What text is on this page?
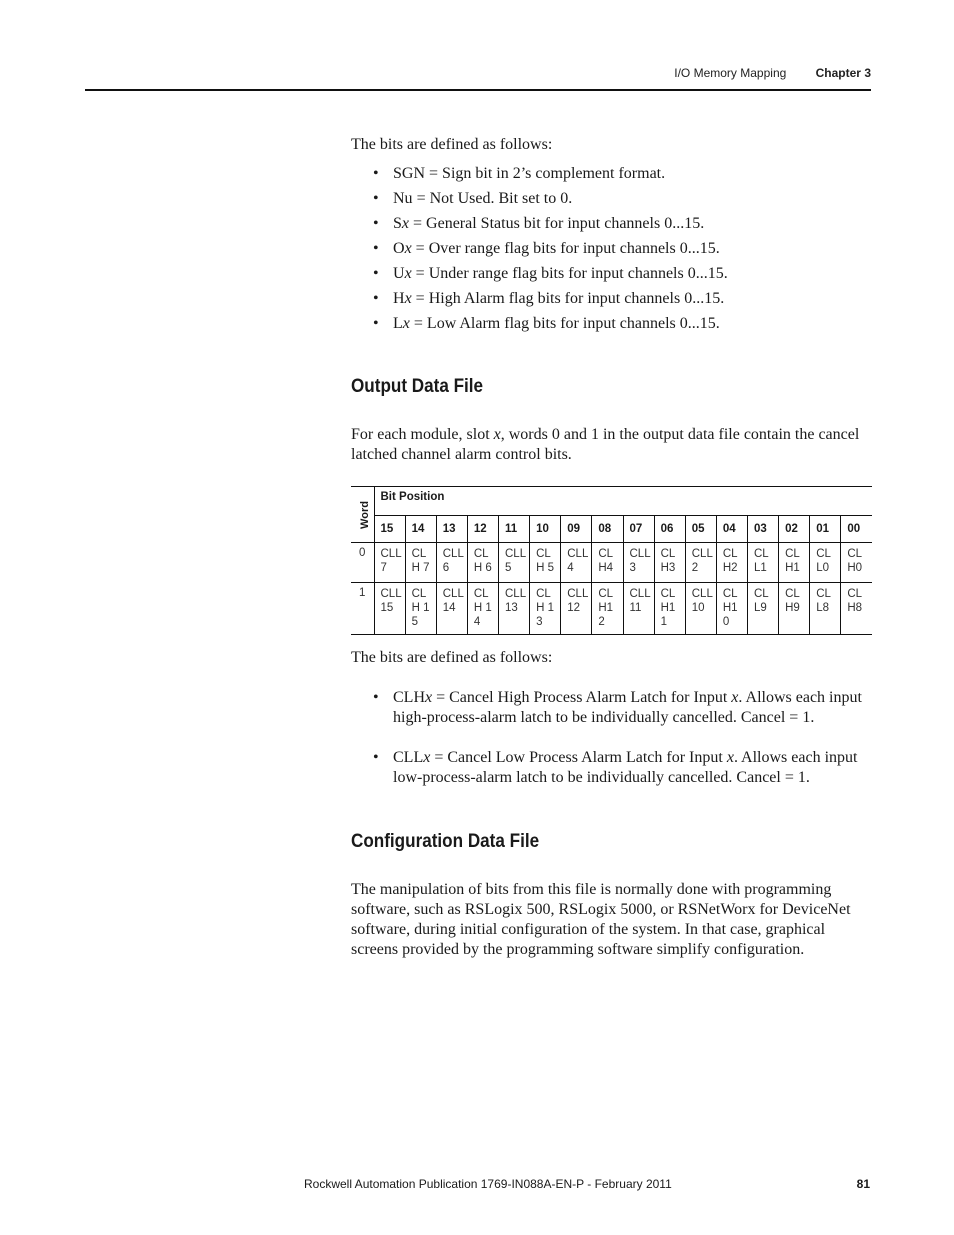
I/O Memory Mapping Chapter 3
The bits are defined as follows:
• SGN = Sign bit in 2’s complement format.
• Nu = Not Used. Bit set to 0.
• Sx = General Status bit for input channels 0...15.
• Ox = Over range flag bits for input channels 0...15.
• Ux = Under range flag bits for input channels 0...15.
• Hx = High Alarm flag bits for input channels 0...15.
• Lx = Low Alarm flag bits for input channels 0...15.
Output Data File
For each module, slot x, words 0 and 1 in the output data file contain the cancel latched channel alarm control bits.
Word	Bit Position															
	15	14	13	12	11	10	09	08	07	06	05	04	03	02	01	00
0	CLL 7	CLH 7	CLL 6	CLH 6	CLL 5	CLH 5	CLL 4	CL H4	CLL 3	CL H3	CLL 2	CL H2	CL L1	CL H1	CL L0	CL H0
1	CLL 15	CLH 15	CLL 14	CLH 14	CLL 13	CLH 13	CLL 12	CL H1 2	CLL 11	CL H1 1	CLL 10	CL H1 0	CL L9	CL H9	CL L8	CL H8
The bits are defined as follows:
• CLHx = Cancel High Process Alarm Latch for Input x. Allows each input high-process-alarm latch to be individually cancelled. Cancel = 1.
• CLLx = Cancel Low Process Alarm Latch for Input x. Allows each input low-process-alarm latch to be individually cancelled. Cancel = 1.
Configuration Data File
The manipulation of bits from this file is normally done with programming software, such as RSLogix 500, RSLogix 5000, or RSNetWorx for DeviceNet software, during initial configuration of the system. In that case, graphical screens provided by the programming software simplify configuration.
Rockwell Automation Publication 1769-IN088A-EN-P - February 2011	81
